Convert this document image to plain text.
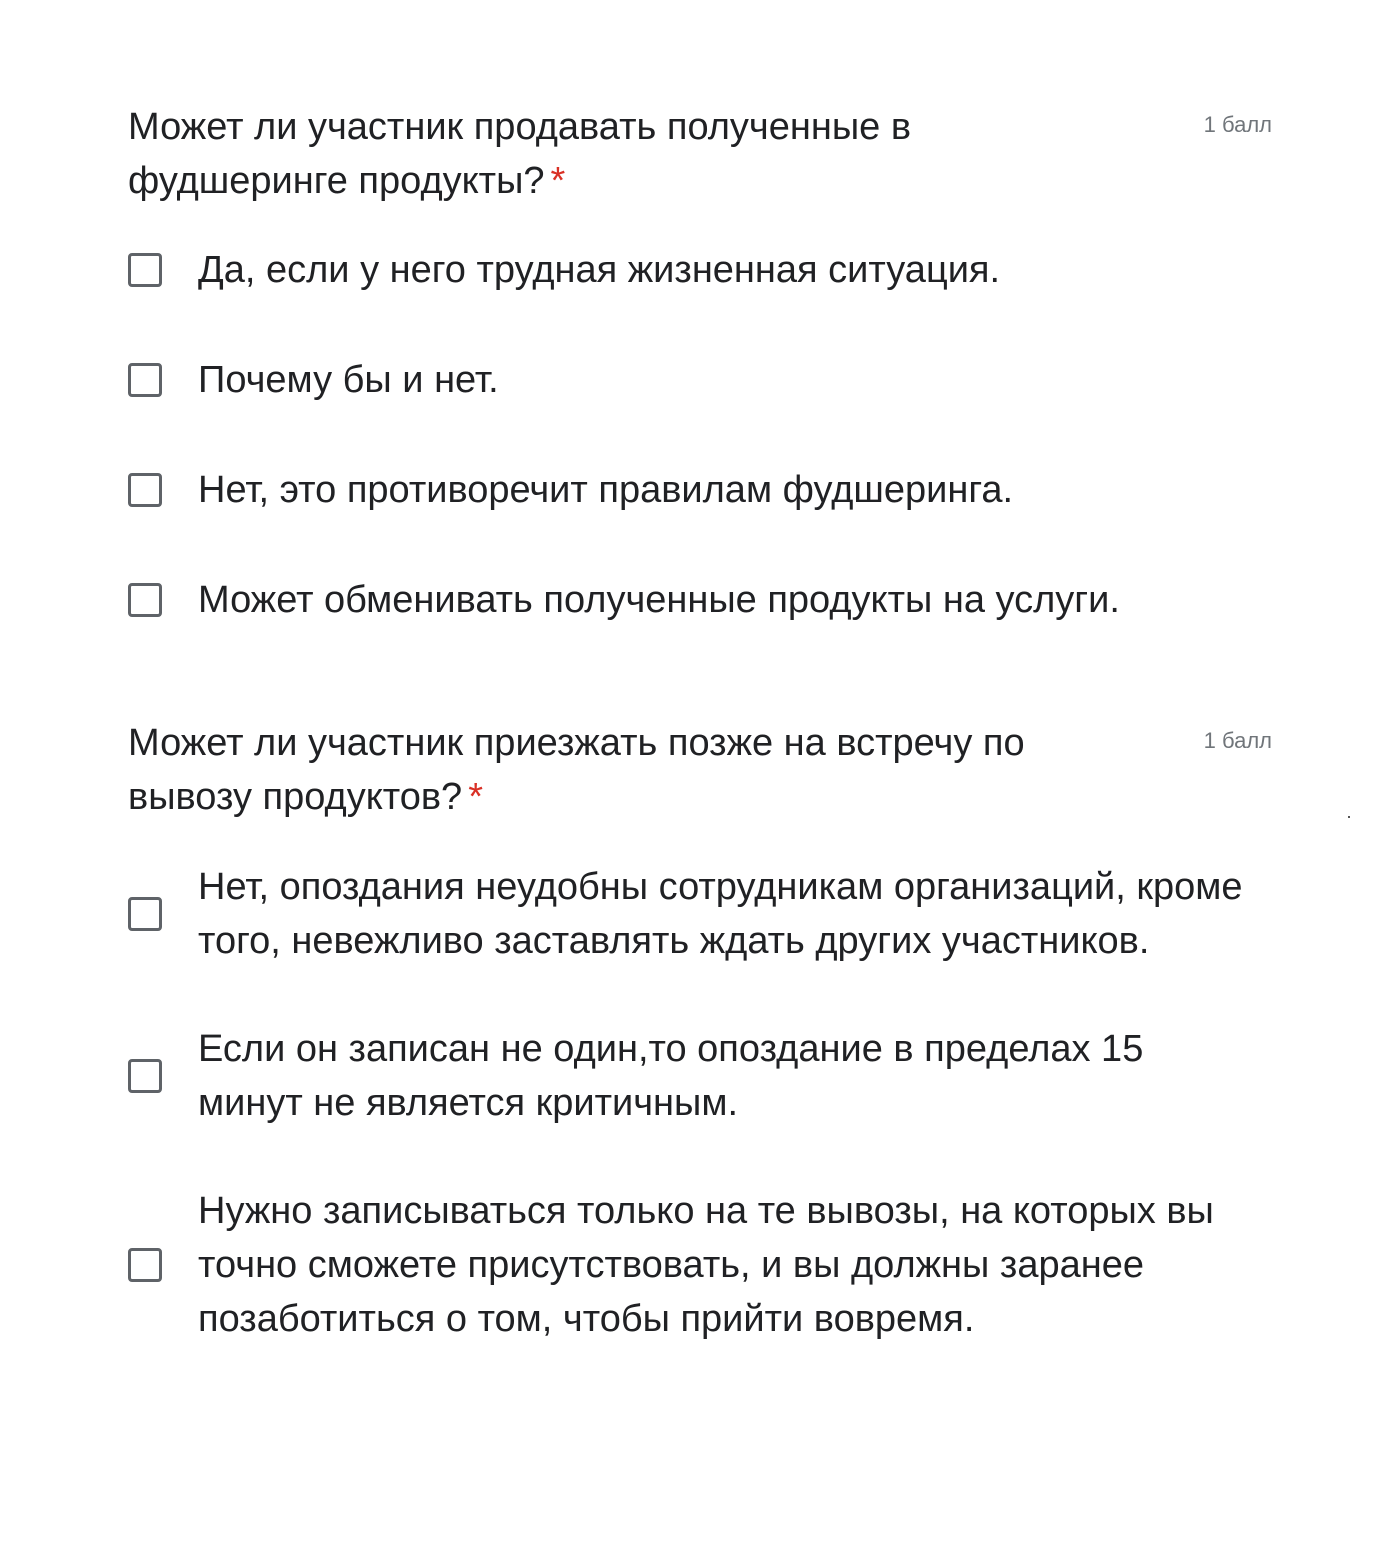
Может ли участник продавать полученные в фудшеринге продукты? *
1 балл
Да, если у него трудная жизненная ситуация.
Почему бы и нет.
Нет, это противоречит правилам фудшеринга.
Может обменивать полученные продукты на услуги.
Может ли участник приезжать позже на встречу по вывозу продуктов? *
1 балл
Нет, опоздания неудобны сотрудникам организаций, кроме того, невежливо заставлять ждать других участников.
Если он записан не один,то опоздание в пределах 15 минут не является критичным.
Нужно записываться только на те вывозы, на которых вы точно сможете присутствовать, и вы должны заранее позаботиться о том, чтобы прийти вовремя.
